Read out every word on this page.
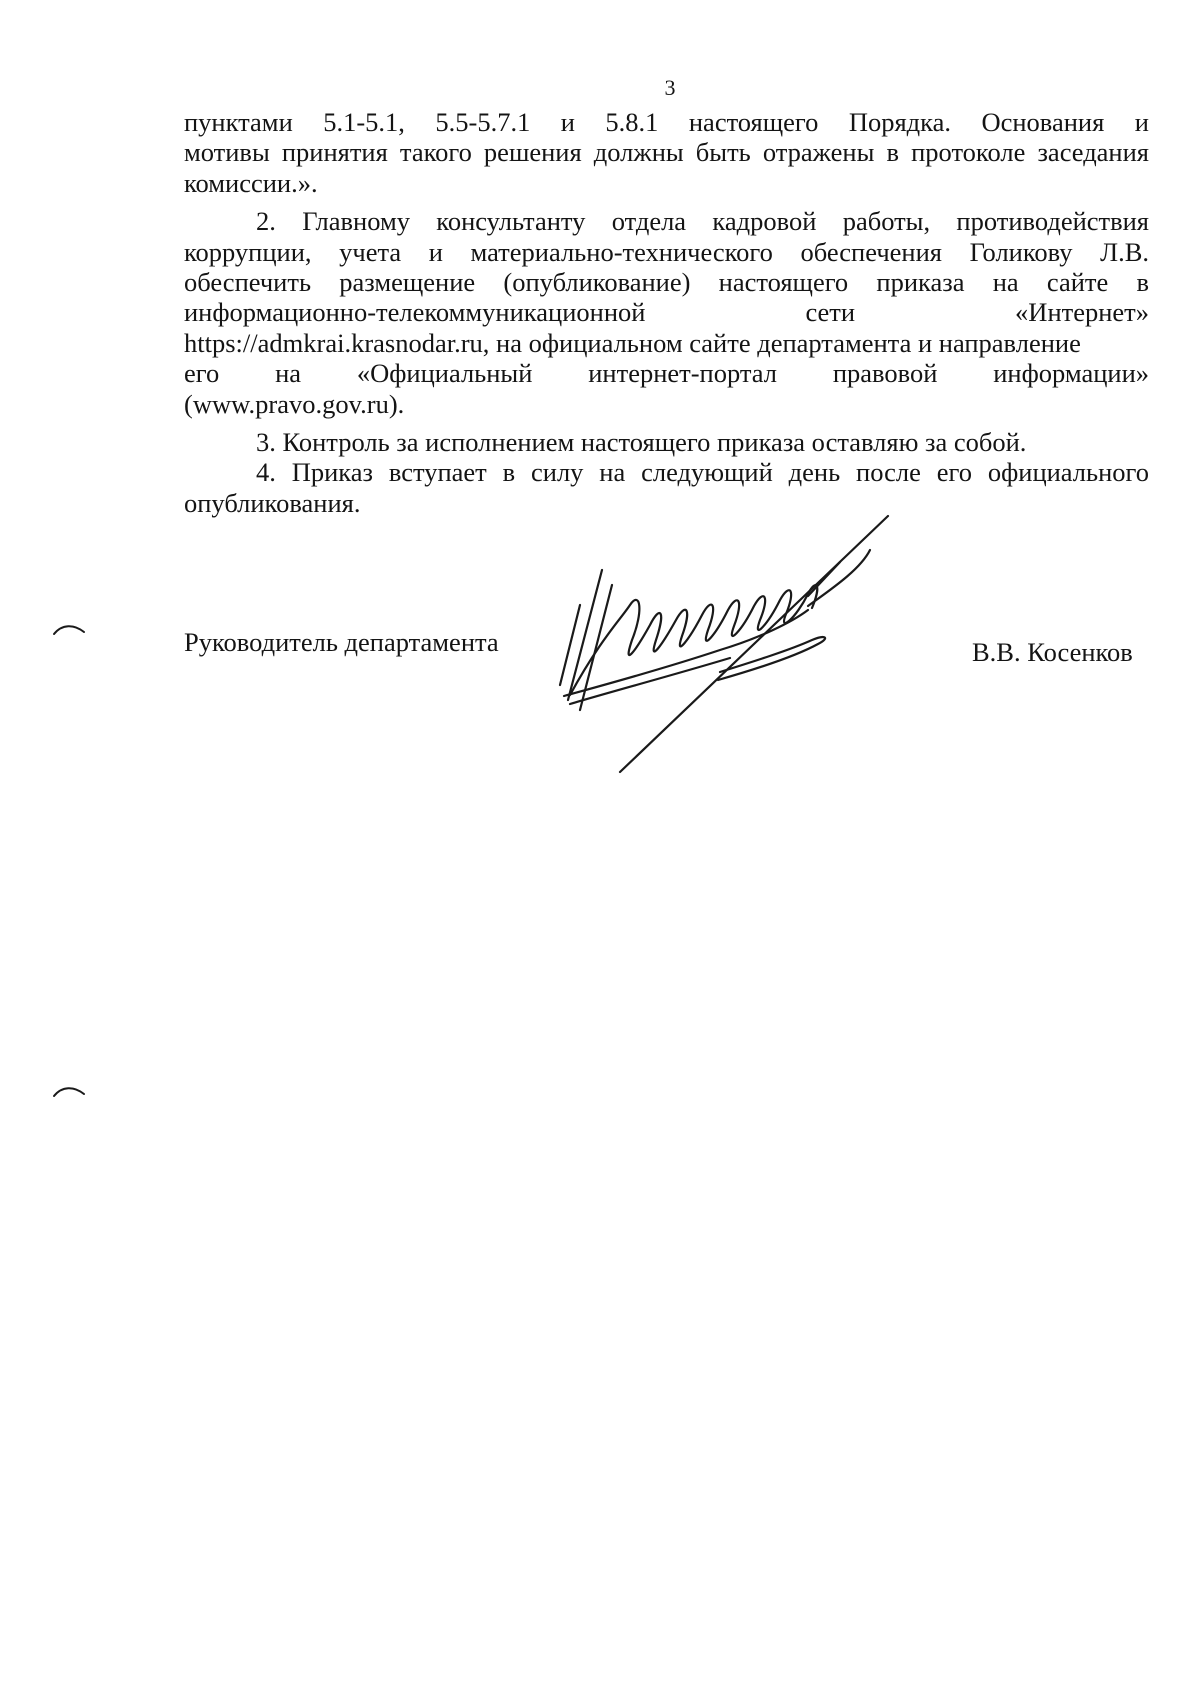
3

пунктами 5.1-5.1, 5.5-5.7.1 и 5.8.1 настоящего Порядка. Основания и

мотивы принятия такого решения должны быть отражены в протоколе заседания комиссии.».

2. Главному консультанту отдела кадровой работы, противодействия коррупции, учета и материально-технического обеспечения Голикову Л.В. обеспечить размещение (опубликование) настоящего приказа на сайте в информационно-телекоммуникационной сети «Интернет» https://admkrai.krasnodar.ru, на официальном сайте департамента и направление

его на «Официальный интернет-портал правовой информации»

(www.pravo.gov.ru).

3. Контроль за исполнением настоящего приказа оставляю за собой.

4. Приказ вступает в силу на следующий день после его официального опубликования.

Руководитель департамента	В.В. Косенков
